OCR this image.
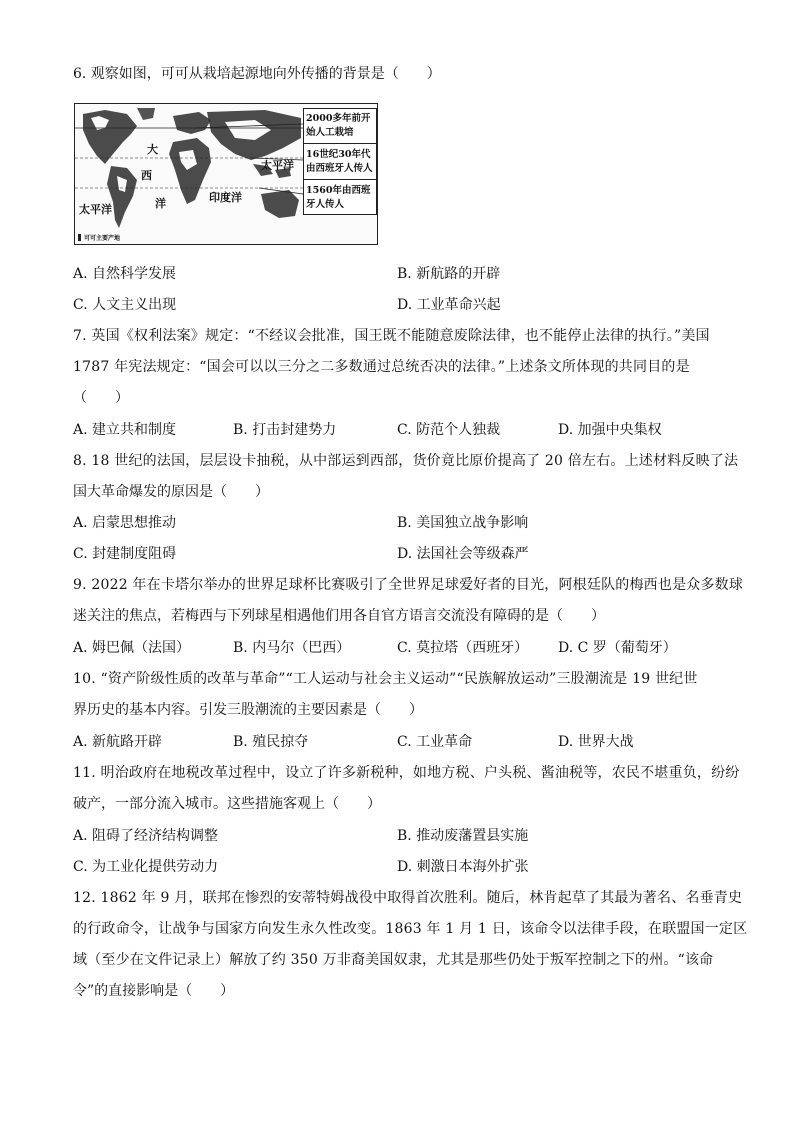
6. 观察如图，可可从栽培起源地向外传播的背景是（　　）
大
西
洋
太平洋
太平洋
印度洋
2000多年前开
始人工栽培
16世纪30年代
由西班牙人传人
1560年由西班
牙人传人
可可主要产地
A. 自然科学发展	B. 新航路的开辟
C. 人文主义出现	D. 工业革命兴起
7. 英国《权利法案》规定：“不经议会批准，国王既不能随意废除法律，也不能停止法律的执行。”美国
1787 年宪法规定：“国会可以以三分之二多数通过总统否决的法律。”上述条文所体现的共同目的是
（　　）
A. 建立共和制度	B. 打击封建势力	C. 防范个人独裁	D. 加强中央集权
8. 18 世纪的法国，层层设卡抽税，从中部运到西部，货价竟比原价提高了 20 倍左右。上述材料反映了法
国大革命爆发的原因是（　　）
A. 启蒙思想推动	B. 美国独立战争影响
C. 封建制度阻碍	D. 法国社会等级森严
9. 2022 年在卡塔尔举办的世界足球杯比赛吸引了全世界足球爱好者的目光，阿根廷队的梅西也是众多数球
迷关注的焦点，若梅西与下列球星相遇他们用各自官方语言交流没有障碍的是（　　）
A. 姆巴佩（法国）	B. 内马尔（巴西）	C. 莫拉塔（西班牙） D. C 罗（葡萄牙）
10. “资产阶级性质的改革与革命”“工人运动与社会主义运动”“民族解放运动”三股潮流是 19 世纪世
界历史的基本内容。引发三股潮流的主要因素是（　　）
A. 新航路开辟	B. 殖民掠夺	C. 工业革命	D. 世界大战
11. 明治政府在地税改革过程中，设立了许多新税种，如地方税、户头税、酱油税等，农民不堪重负，纷纷
破产，一部分流入城市。这些措施客观上（　　）
A. 阻碍了经济结构调整	B. 推动废藩置县实施
C. 为工业化提供劳动力	D. 刺激日本海外扩张
12. 1862 年 9 月，联邦在惨烈的安蒂特姆战役中取得首次胜利。随后，林肯起草了其最为著名、名垂青史
的行政命令，让战争与国家方向发生永久性改变。1863 年 1 月 1 日，该命令以法律手段，在联盟国一定区
域（至少在文件记录上）解放了约 350 万非裔美国奴隶，尤其是那些仍处于叛军控制之下的州。“该命
令”的直接影响是（　　）
